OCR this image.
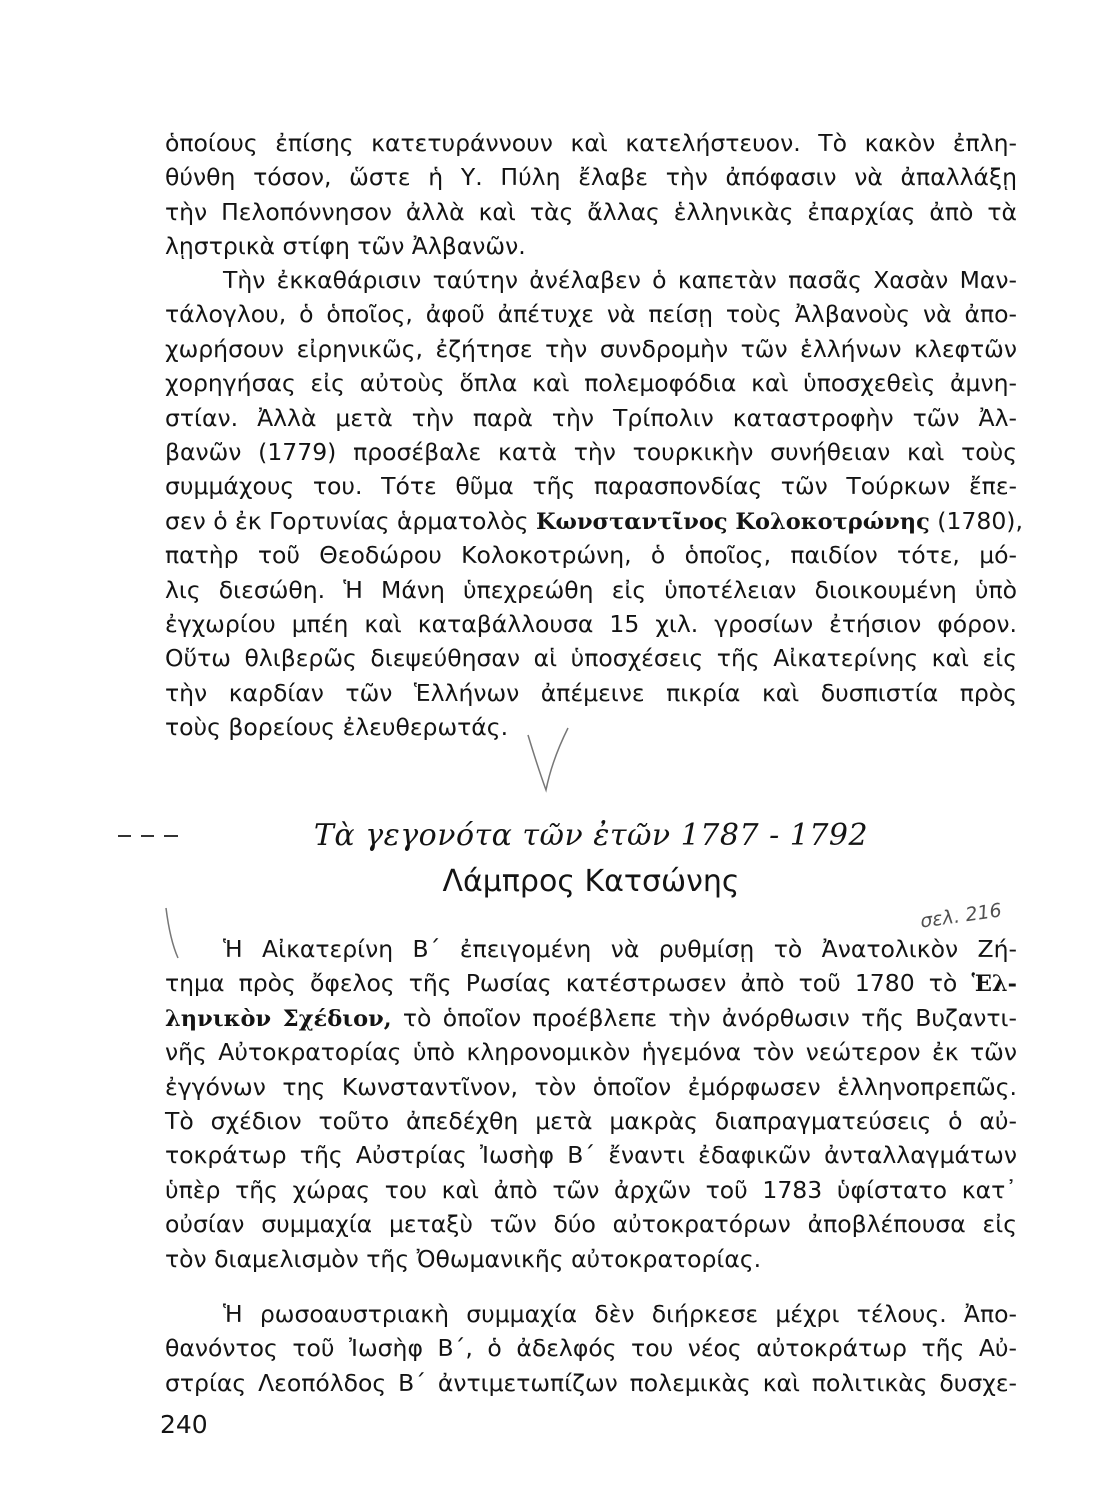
ὁποίους ἐπίσης κατετυράννουν καὶ κατελήστευον. Τὸ κακὸν ἐπλη-
θύνθη τόσον, ὥστε ἡ Υ. Πύλη ἔλαβε τὴν ἀπόφασιν νὰ ἀπαλλάξῃ
τὴν Πελοπόννησον ἀλλὰ καὶ τὰς ἄλλας ἑλληνικὰς ἐπαρχίας ἀπὸ τὰ
λῃστρικὰ στίφη τῶν Ἀλβανῶν.
Τὴν ἐκκαθάρισιν ταύτην ἀνέλαβεν ὁ καπετὰν πασᾶς Χασὰν Μαν-
τάλογλου, ὁ ὁποῖος, ἀφοῦ ἀπέτυχε νὰ πείσῃ τοὺς Ἀλβανοὺς νὰ ἀπο-
χωρήσουν εἰρηνικῶς, ἐζήτησε τὴν συνδρομὴν τῶν ἑλλήνων κλεφτῶν
χορηγήσας εἰς αὐτοὺς ὅπλα καὶ πολεμοφόδια καὶ ὑποσχεθεὶς ἀμνη-
στίαν. Ἀλλὰ μετὰ τὴν παρὰ τὴν Τρίπολιν καταστροφὴν τῶν Ἀλ-
βανῶν (1779) προσέβαλε κατὰ τὴν τουρκικὴν συνήθειαν καὶ τοὺς
συμμάχους του. Τότε θῦμα τῆς παρασπονδίας τῶν Τούρκων ἔπε-
σεν ὁ ἐκ Γορτυνίας ἁρματολὸς Κωνσταντῖνος Κολοκοτρώνης (1780),
πατὴρ τοῦ Θεοδώρου Κολοκοτρώνη, ὁ ὁποῖος, παιδίον τότε, μό-
λις διεσώθη. Ἡ Μάνη ὑπεχρεώθη εἰς ὑποτέλειαν διοικουμένη ὑπὸ
ἐγχωρίου μπέη καὶ καταβάλλουσα 15 χιλ. γροσίων ἐτήσιον φόρον.
Οὕτω θλιβερῶς διεψεύθησαν αἱ ὑποσχέσεις τῆς Αἰκατερίνης καὶ εἰς
τὴν καρδίαν τῶν Ἑλλήνων ἀπέμεινε πικρία καὶ δυσπιστία πρὸς
τοὺς βορείους ἐλευθερωτάς.
Τὰ γεγονότα τῶν ἐτῶν 1787 - 1792
Λάμπρος Κατσώνης
σελ. 216
Ἡ Αἰκατερίνη Β΄ ἐπειγομένη νὰ ρυθμίσῃ τὸ Ἀνατολικὸν Ζή-
τημα πρὸς ὄφελος τῆς Ρωσίας κατέστρωσεν ἀπὸ τοῦ 1780 τὸ Ἑλ-
ληνικὸν Σχέδιον, τὸ ὁποῖον προέβλεπε τὴν ἀνόρθωσιν τῆς Βυζαντι-
νῆς Αὐτοκρατορίας ὑπὸ κληρονομικὸν ἡγεμόνα τὸν νεώτερον ἐκ τῶν
ἐγγόνων της Κωνσταντῖνον, τὸν ὁποῖον ἐμόρφωσεν ἑλληνοπρεπῶς.
Τὸ σχέδιον τοῦτο ἀπεδέχθη μετὰ μακρὰς διαπραγματεύσεις ὁ αὐ-
τοκράτωρ τῆς Αὐστρίας Ἰωσὴφ Β΄ ἔναντι ἐδαφικῶν ἀνταλλαγμάτων
ὑπὲρ τῆς χώρας του καὶ ἀπὸ τῶν ἀρχῶν τοῦ 1783 ὑφίστατο κατ᾿
οὐσίαν συμμαχία μεταξὺ τῶν δύο αὐτοκρατόρων ἀποβλέπουσα εἰς
τὸν διαμελισμὸν τῆς Ὀθωμανικῆς αὐτοκρατορίας.
Ἡ ρωσοαυστριακὴ συμμαχία δὲν διήρκεσε μέχρι τέλους. Ἀπο-
θανόντος τοῦ Ἰωσὴφ Β΄, ὁ ἀδελφός του νέος αὐτοκράτωρ τῆς Αὐ-
στρίας Λεοπόλδος Β΄ ἀντιμετωπίζων πολεμικὰς καὶ πολιτικὰς δυσχε-
240
